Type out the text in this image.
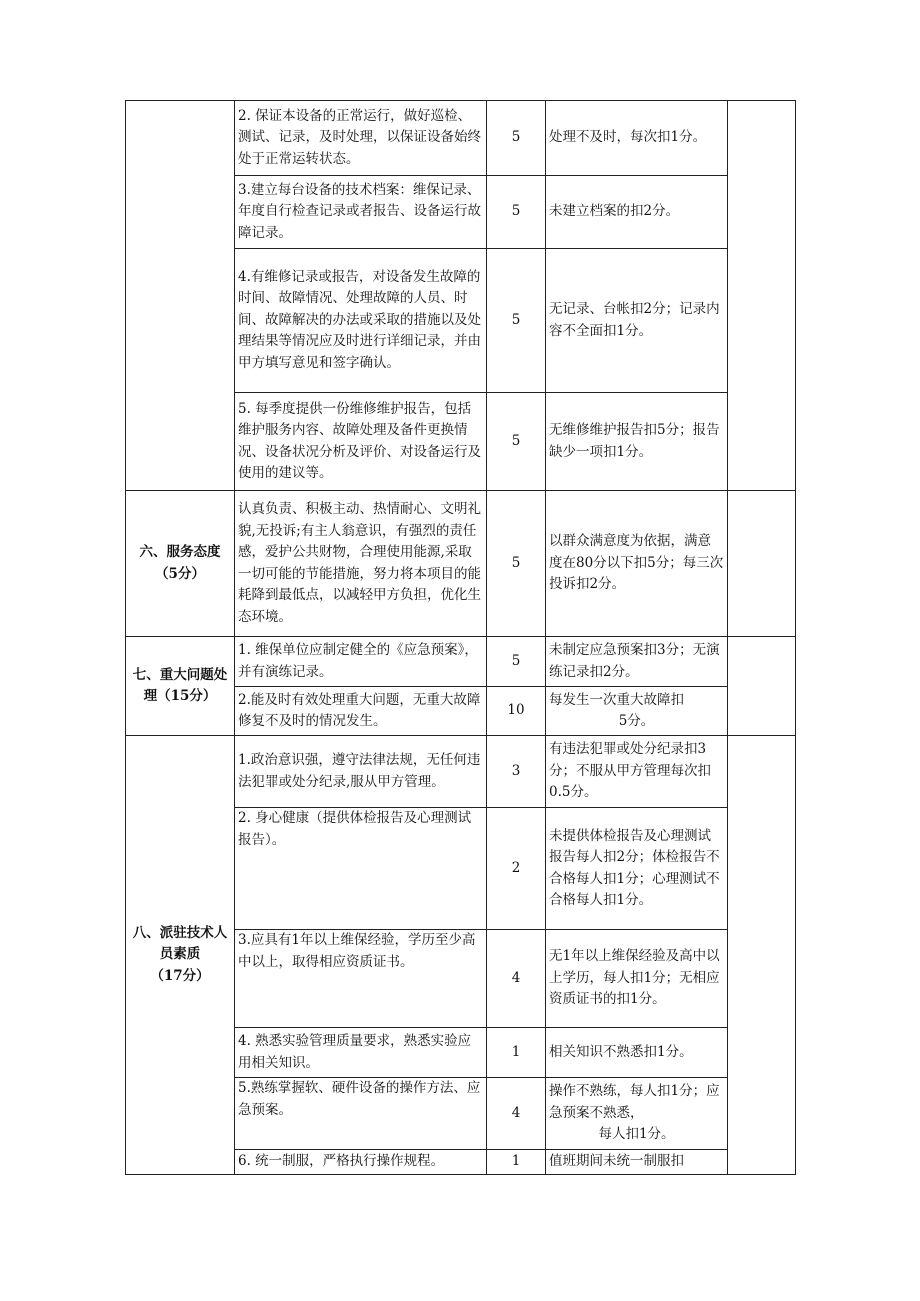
	2. 保证本设备的正常运行，做好巡检、测试、记录，及时处理，以保证设备始终处于正常运转状态。	5	处理不及时，每次扣1分。	
	3.建立每台设备的技术档案：维保记录、年度自行检查记录或者报告、设备运行故障记录。	5	未建立档案的扣2分。	
	4.有维修记录或报告，对设备发生故障的时间、故障情况、处理故障的人员、时间、故障解决的办法或采取的措施以及处理结果等情况应及时进行详细记录，并由甲方填写意见和签字确认。	5	无记录、台帐扣2分；记录内容不全面扣1分。	
	5. 每季度提供一份维修维护报告，包括维护服务内容、故障处理及备件更换情况、设备状况分析及评价、对设备运行及使用的建议等。	5	无维修维护报告扣5分；报告缺少一项扣1分。	

六、服务态度
（5分）	认真负责、积极主动、热情耐心、文明礼貌,无投诉;有主人翁意识，有强烈的责任感，爱护公共财物，合理使用能源,采取一切可能的节能措施，努力将本项目的能耗降到最低点，以减轻甲方负担，优化生态环境。	5	以群众满意度为依据，满意度在80分以下扣5分；每三次投诉扣2分。	
七、重大问题处理（15分）	1. 维保单位应制定健全的《应急预案》，并有演练记录。	5	未制定应急预案扣3分；无演练记录扣2分。	
	2.能及时有效处理重大问题，无重大故障修复不及时的情况发生。	10	每发生一次重大故障扣
5分。	

八、派驻技术人员素质
（17分）	1.政治意识强，遵守法律法规，无任何违法犯罪或处分纪录,服从甲方管理。	3	有违法犯罪或处分纪录扣3分；不服从甲方管理每次扣0.5分。	
	2. 身心健康（提供体检报告及心理测试报告）。	2	未提供体检报告及心理测试报告每人扣2分；体检报告不合格每人扣1分；心理测试不合格每人扣1分。	
	3.应具有1年以上维保经验，学历至少高中以上，取得相应资质证书。	4	无1年以上维保经验及高中以上学历，每人扣1分；无相应资质证书的扣1分。	
	4. 熟悉实验管理质量要求，熟悉实验应用相关知识。	1	相关知识不熟悉扣1分。	
	5.熟练掌握软、硬件设备的操作方法、应急预案。	4	操作不熟练，每人扣1分；应急预案不熟悉，
每人扣1分。	

	6. 统一制服，严格执行操作规程。	1	值班期间未统一制服扣	
